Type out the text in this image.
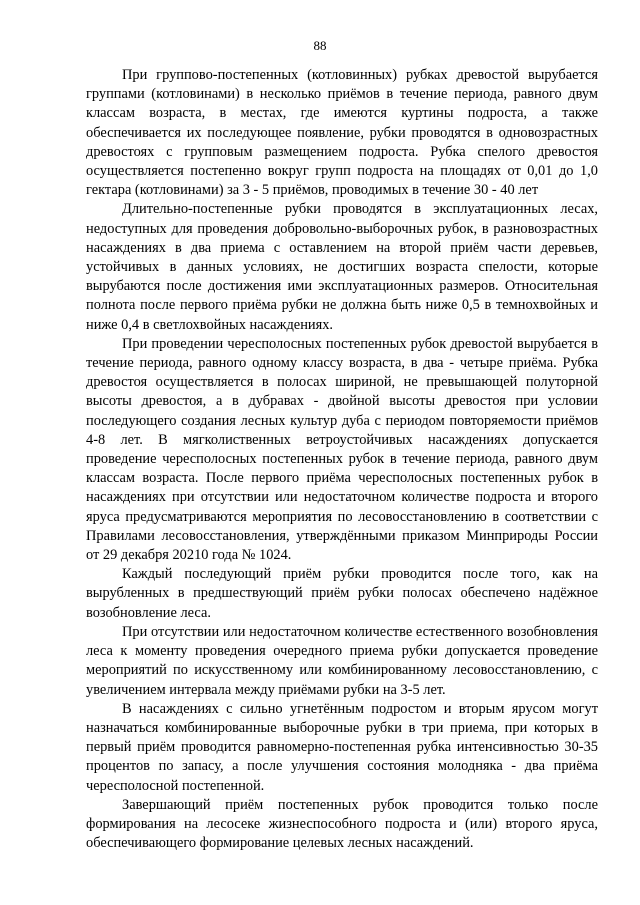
88

При группово-постепенных (котловинных) рубках древостой вырубается группами (котловинами) в несколько приёмов в течение периода, равного двум классам возраста, в местах, где имеются куртины подроста, а также обеспечивается их последующее появление, рубки проводятся в одновозрастных древостоях с групповым размещением подроста. Рубка спелого древостоя осуществляется постепенно вокруг групп подроста на площадях от 0,01 до 1,0 гектара (котловинами) за 3 - 5 приёмов, проводимых в течение 30 - 40 лет

Длительно-постепенные рубки проводятся в эксплуатационных лесах, недоступных для проведения добровольно-выборочных рубок, в разновозрастных насаждениях в два приема с оставлением на второй приём части деревьев, устойчивых в данных условиях, не достигших возраста спелости, которые вырубаются после достижения ими эксплуатационных размеров. Относительная полнота после первого приёма рубки не должна быть ниже 0,5 в темнохвойных и ниже 0,4 в светлохвойных насаждениях.

При проведении чересполосных постепенных рубок древостой вырубается в течение периода, равного одному классу возраста, в два - четыре приёма. Рубка древостоя осуществляется в полосах шириной, не превышающей полуторной высоты древостоя, а в дубравах - двойной высоты древостоя при условии последующего создания лесных культур дуба с периодом повторяемости приёмов 4-8 лет. В мягколиственных ветроустойчивых насаждениях допускается проведение чересполосных постепенных рубок в течение периода, равного двум классам возраста. После первого приёма чересполосных постепенных рубок в насаждениях при отсутствии или недостаточном количестве подроста и второго яруса предусматриваются мероприятия по лесовосстановлению в соответствии с Правилами лесовосстановления, утверждёнными приказом Минприроды России от 29 декабря 20210 года № 1024.

Каждый последующий приём рубки проводится после того, как на вырубленных в предшествующий приём рубки полосах обеспечено надёжное возобновление леса.

При отсутствии или недостаточном количестве естественного возобновления леса к моменту проведения очередного приема рубки допускается проведение мероприятий по искусственному или комбинированному лесовосстановлению, с увеличением интервала между приёмами рубки на 3-5 лет.

В насаждениях с сильно угнетённым подростом и вторым ярусом могут назначаться комбинированные выборочные рубки в три приема, при которых в первый приём проводится равномерно-постепенная рубка интенсивностью 30-35 процентов по запасу, а после улучшения состояния молодняка - два приёма чересполосной постепенной.

Завершающий приём постепенных рубок проводится только после формирования на лесосеке жизнеспособного подроста и (или) второго яруса, обеспечивающего формирование целевых лесных насаждений.
